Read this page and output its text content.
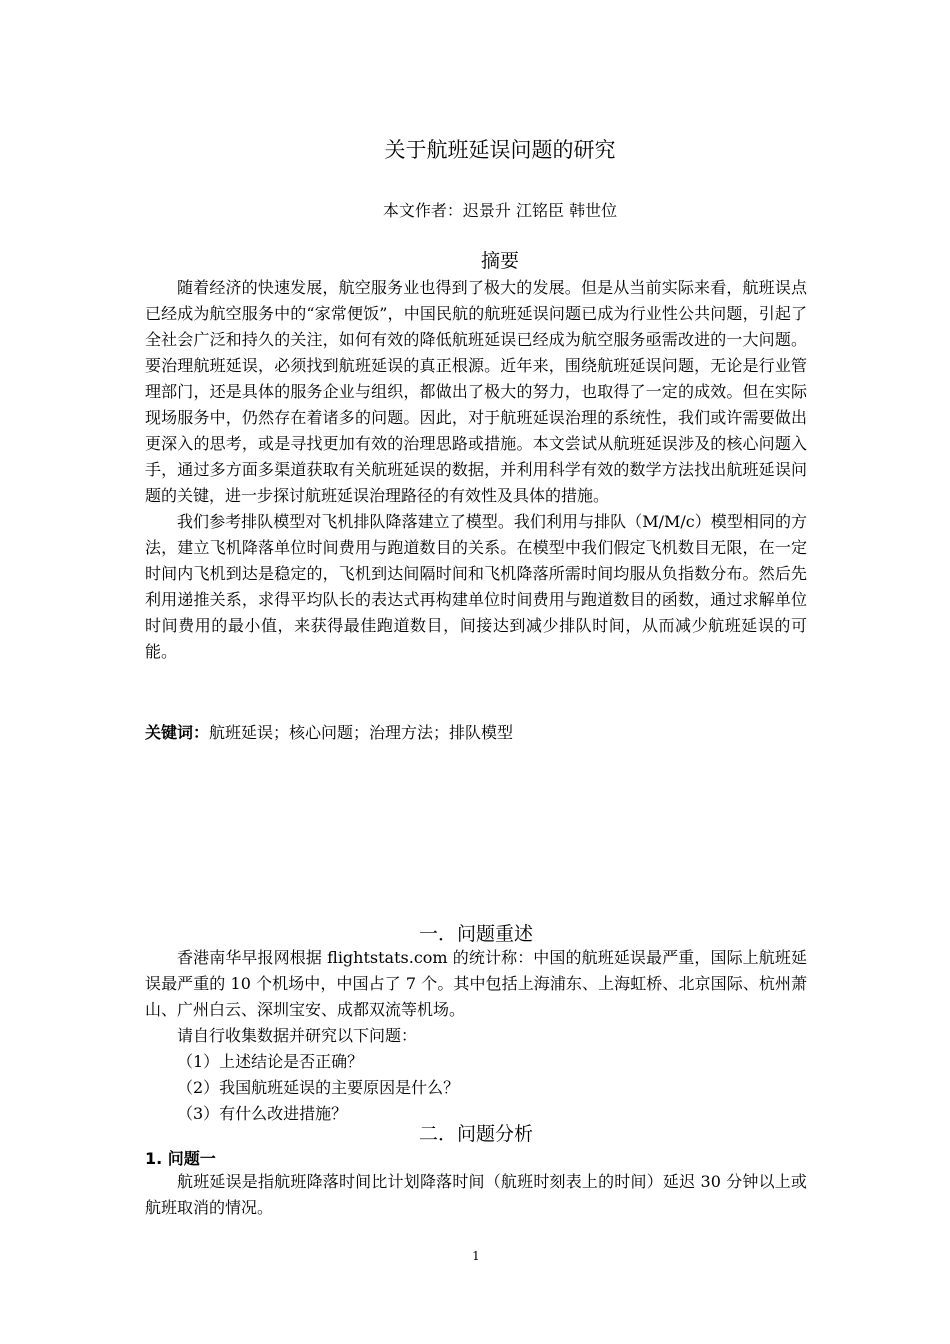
关于航班延误问题的研究
本文作者：迟景升 江铭臣 韩世位
摘要

随着经济的快速发展，航空服务业也得到了极大的发展。但是从当前实际来看，航班误点已经成为航空服务中的“家常便饭”，中国民航的航班延误问题已成为行业性公共问题，引起了全社会广泛和持久的关注，如何有效的降低航班延误已经成为航空服务亟需改进的一大问题。要治理航班延误，必须找到航班延误的真正根源。近年来，围绕航班延误问题，无论是行业管理部门，还是具体的服务企业与组织，都做出了极大的努力，也取得了一定的成效。但在实际现场服务中，仍然存在着诸多的问题。因此，对于航班延误治理的系统性，我们或许需要做出更深入的思考，或是寻找更加有效的治理思路或措施。本文尝试从航班延误涉及的核心问题入手，通过多方面多渠道获取有关航班延误的数据，并利用科学有效的数学方法找出航班延误问题的关键，进一步探讨航班延误治理路径的有效性及具体的措施。

我们参考排队模型对飞机排队降落建立了模型。我们利用与排队（M/M/c）模型相同的方法，建立飞机降落单位时间费用与跑道数目的关系。在模型中我们假定飞机数目无限，在一定时间内飞机到达是稳定的，飞机到达间隔时间和飞机降落所需时间均服从负指数分布。然后先利用递推关系，求得平均队长的表达式再构建单位时间费用与跑道数目的函数，通过求解单位时间费用的最小值，来获得最佳跑道数目，间接达到减少排队时间，从而减少航班延误的可能。

关键词：航班延误；核心问题；治理方法；排队模型
一．问题重述

香港南华早报网根据 flightstats.com 的统计称：中国的航班延误最严重，国际上航班延误最严重的 10 个机场中，中国占了 7 个。其中包括上海浦东、上海虹桥、北京国际、杭州萧山、广州白云、深圳宝安、成都双流等机场。

请自行收集数据并研究以下问题：

（1）上述结论是否正确？

（2）我国航班延误的主要原因是什么？

（3）有什么改进措施？

二．问题分析
1. 问题一

航班延误是指航班降落时间比计划降落时间（航班时刻表上的时间）延迟 30 分钟以上或航班取消的情况。

1
